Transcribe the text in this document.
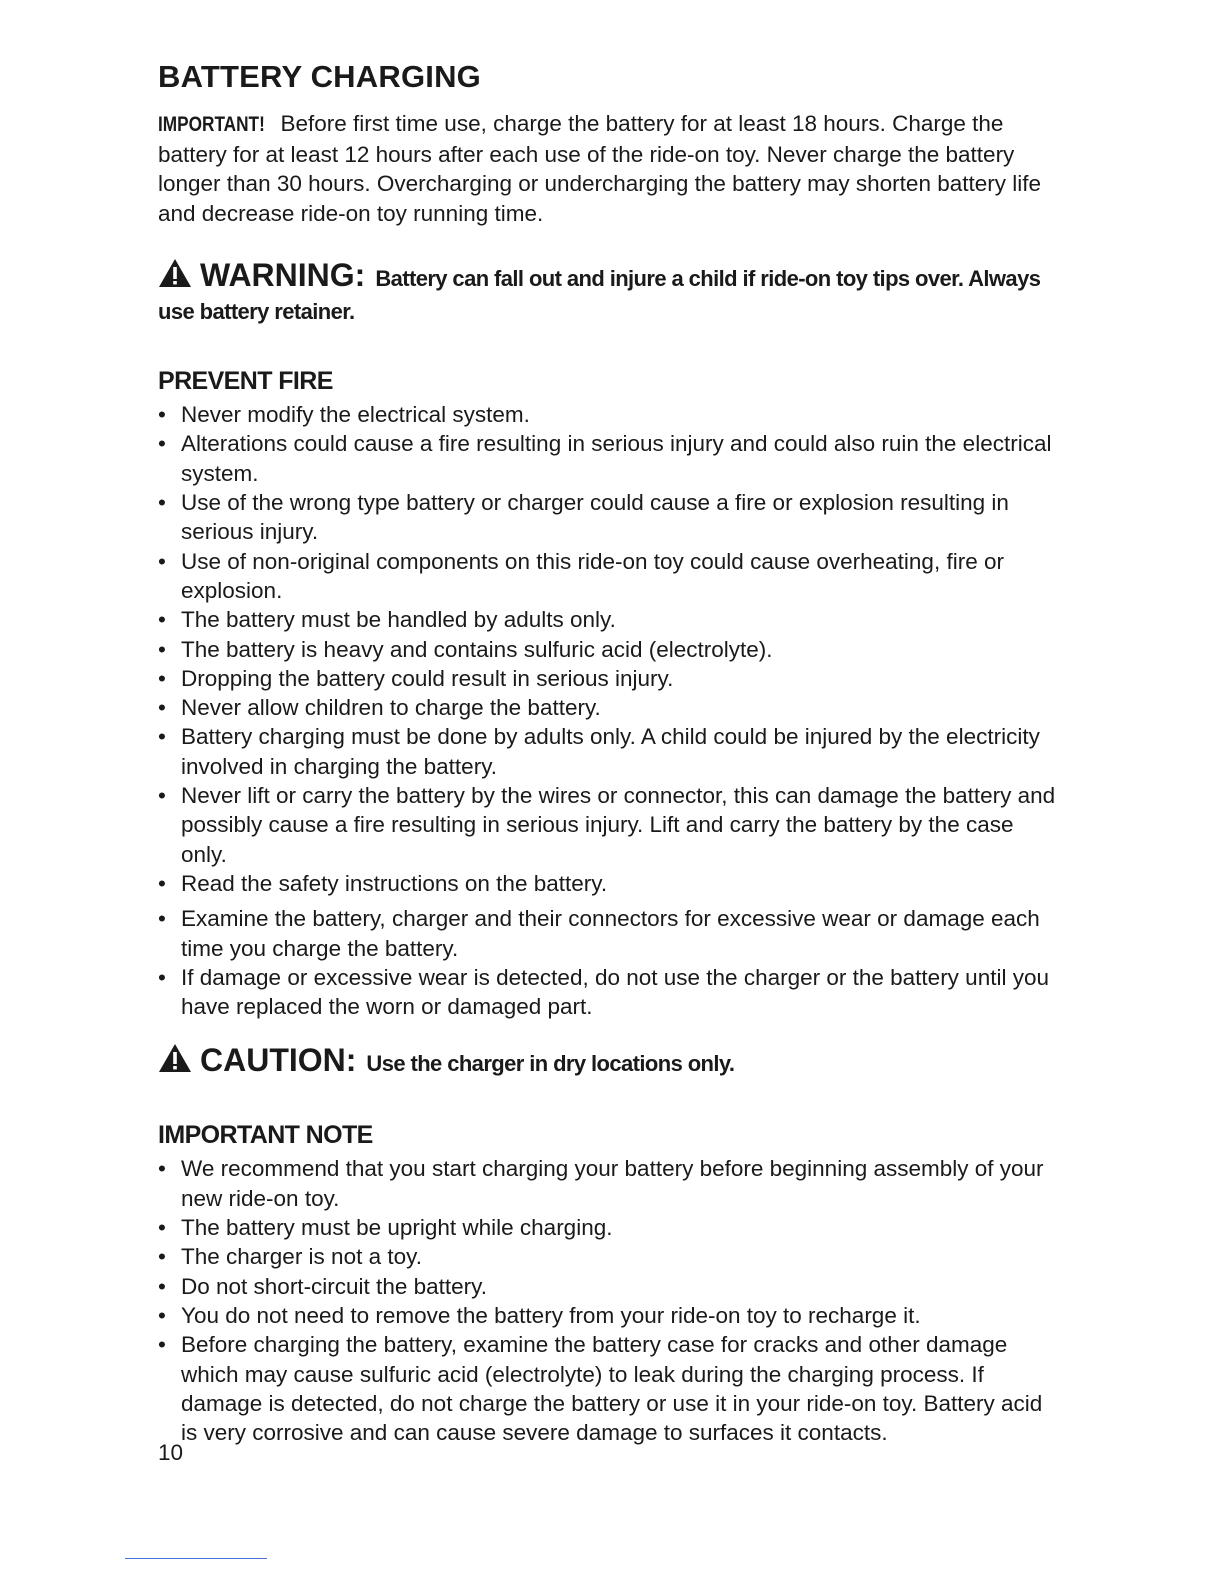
BATTERY CHARGING

IMPORTANT! Before first time use, charge the battery for at least 18 hours. Charge the battery for at least 12 hours after each use of the ride-on toy. Never charge the battery longer than 30 hours. Overcharging or undercharging the battery may shorten battery life and decrease ride-on toy running time.

WARNING: Battery can fall out and injure a child if ride-on toy tips over. Always use battery retainer.
PREVENT FIRE
• Never modify the electrical system.
• Alterations could cause a fire resulting in serious injury and could also ruin the electrical system.
• Use of the wrong type battery or charger could cause a fire or explosion resulting in serious injury.
• Use of non-original components on this ride-on toy could cause overheating, fire or explosion.
• The battery must be handled by adults only.
• The battery is heavy and contains sulfuric acid (electrolyte).
• Dropping the battery could result in serious injury.
• Never allow children to charge the battery.
• Battery charging must be done by adults only. A child could be injured by the electricity involved in charging the battery.
• Never lift or carry the battery by the wires or connector, this can damage the battery and possibly cause a fire resulting in serious injury. Lift and carry the battery by the case only.
• Read the safety instructions on the battery.
• Examine the battery, charger and their connectors for excessive wear or damage each time you charge the battery.
• If damage or excessive wear is detected, do not use the charger or the battery until you have replaced the worn or damaged part.
CAUTION: Use the charger in dry locations only.
IMPORTANT NOTE
• We recommend that you start charging your battery before beginning assembly of your new ride-on toy.
• The battery must be upright while charging.
• The charger is not a toy.
• Do not short-circuit the battery.
• You do not need to remove the battery from your ride-on toy to recharge it.
• Before charging the battery, examine the battery case for cracks and other damage which may cause sulfuric acid (electrolyte) to leak during the charging process. If damage is detected, do not charge the battery or use it in your ride-on toy. Battery acid is very corrosive and can cause severe damage to surfaces it contacts.
10
